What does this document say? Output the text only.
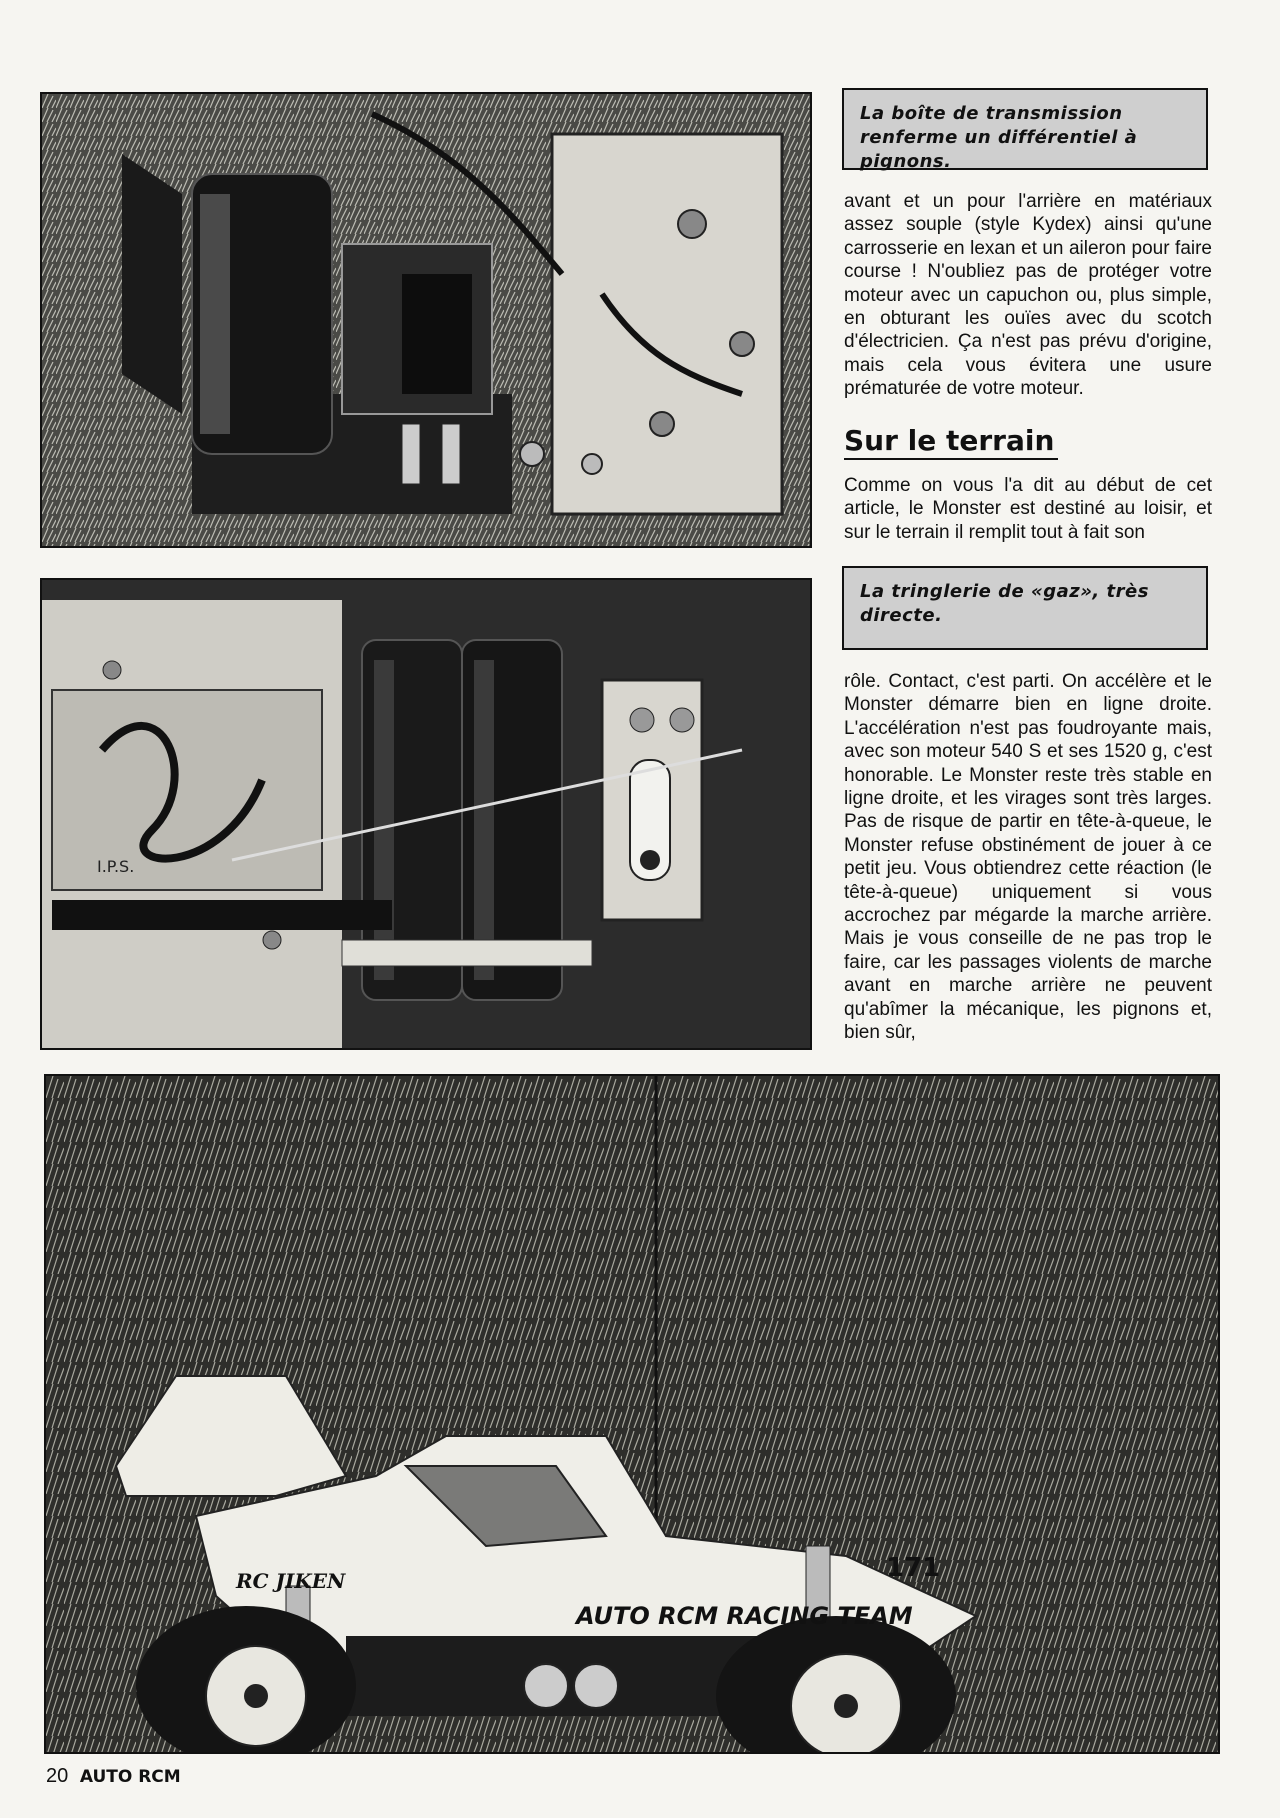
La boîte de transmission renferme un différentiel à pignons.

avant et un pour l'arrière en matériaux assez souple (style Kydex) ainsi qu'une carrosserie en lexan et un aileron pour faire course ! N'oubliez pas de protéger votre moteur avec un capuchon ou, plus simple, en obturant les ouïes avec du scotch d'électricien. Ça n'est pas prévu d'origine, mais cela vous évitera une usure prématurée de votre moteur.

Sur le terrain

Comme on vous l'a dit au début de cet article, le Monster est destiné au loisir, et sur le terrain il remplit tout à fait son

I.P.S.
La tringlerie de «gaz», très directe.

rôle. Contact, c'est parti. On accélère et le Monster démarre bien en ligne droite. L'accélération n'est pas foudroyante mais, avec son moteur 540 S et ses 1520 g, c'est honorable. Le Monster reste très stable en ligne droite, et les virages sont très larges. Pas de risque de partir en tête-à-queue, le Monster refuse obstinément de jouer à ce petit jeu. Vous obtiendrez cette réaction (le tête-à-queue) uniquement si vous accrochez par mégarde la marche arrière. Mais je vous conseille de ne pas trop le faire, car les passages violents de marche avant en marche arrière ne peuvent qu'abîmer la mécanique, les pignons et, bien sûr,

RC JIKEN
AUTO RCM RACING TEAM
171
20 AUTO RCM
